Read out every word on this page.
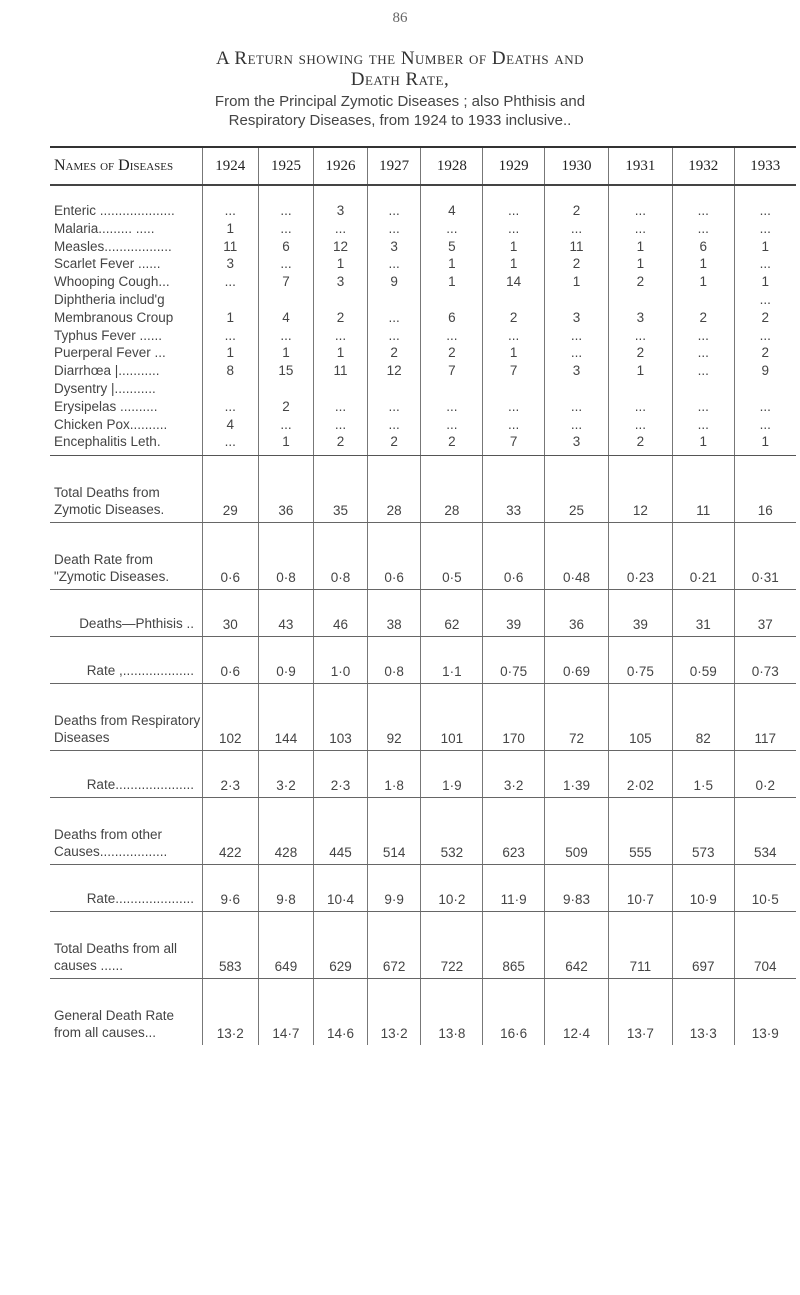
86
A Return showing the Number of Deaths and
Death Rate,
From the Principal Zymotic Diseases ; also Phthisis and
Respiratory Diseases, from 1924 to 1933 inclusive..
Names of Diseases	1924	1925	1926	1927	1928	1929	1930	1931	1932	1933
Enteric ....................	...	...	3	...	4	...	2	...	...	...
Malaria......... .....	1	...	...	...	...	...	...	...	...	...
Measles..................	11	6	12	3	5	1	11	1	6	1
Scarlet Fever ......	3	...	1	...	1	1	2	1	1	...
Whooping Cough...	...	7	3	9	1	14	1	2	1	1
Diphtheria includ'g										...
Membranous Croup	1	4	2	...	6	2	3	3	2	2
Typhus Fever ......	...	...	...	...	...	...	...	...	...	...
Puerperal Fever ...	1	1	1	2	2	1	...	2	...	2
Diarrhœa |...........	8	15	11	12	7	7	3	1	...	9
Dysentry |...........										
Erysipelas ..........	...	2	...	...	...	...	...	...	...	...
Chicken Pox..........	4	...	...	...	...	...	...	...	...	...
Encephalitis Leth.	...	1	2	2	2	7	3	2	1	1
Total Deaths from Zymotic Diseases.	29	36	35	28	28	33	25	12	11	16
Death Rate from "Zymotic Diseases.	0·6	0·8	0·8	0·6	0·5	0·6	0·48	0·23	0·21	0·31
Deaths—Phthisis ..	30	43	46	38	62	39	36	39	31	37
Rate ,...................	0·6	0·9	1·0	0·8	1·1	0·75	0·69	0·75	0·59	0·73
Deaths from Respiratory Diseases	102	144	103	92	101	170	72	105	82	117
Rate.....................	2·3	3·2	2·3	1·8	1·9	3·2	1·39	2·02	1·5	0·2
Deaths from other Causes..................	422	428	445	514	532	623	509	555	573	534
Rate.....................	9·6	9·8	10·4	9·9	10·2	11·9	9·83	10·7	10·9	10·5
Total Deaths from all causes ......	583	649	629	672	722	865	642	711	697	704
General Death Rate from all causes...	13·2	14·7	14·6	13·2	13·8	16·6	12·4	13·7	13·3	13·9
